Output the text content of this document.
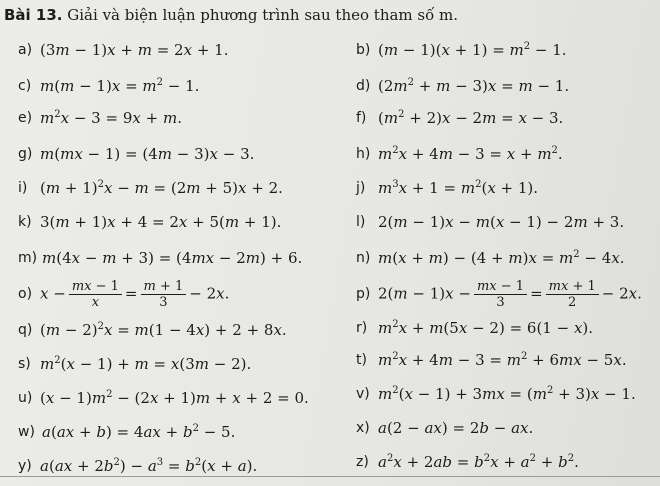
Bài 13. Giải và biện luận phương trình sau theo tham số m.
a) (3m − 1)x + m = 2x + 1.	b) $(m - 1)(x + 1) = m^2 - 1$.
c) $m(m - 1)x = m^2 - 1$.	d) $(2m^2 + m - 3)x = m - 1$.
e) $m^2x - 3 = 9x + m$.	f) $(m^2 + 2)x - 2m = x - 3$.
g) m(mx − 1) = (4m − 3)x − 3.	h) $m^2x + 4m - 3 = x + m^2$.
i) $(m + 1)^2x - m = (2m + 5)x + 2$.	j) $m^3x + 1 = m^2(x + 1)$.
k) 3(m + 1)x + 4 = 2x + 5(m + 1).	l) 2(m − 1)x − m(x − 1) − 2m + 3.
m) m(4x − m + 3) = (4mx − 2m) + 6.	n) $m(x + m) - (4 + m)x = m^2 - 4x$.
o) $x - \frac{mx - 1}{x} = \frac{m + 1}{3} - 2x$.	p) $2(m - 1)x - \frac{mx - 1}{3} = \frac{mx + 1}{2} - 2x$.
q) $(m - 2)^2x = m(1 - 4x) + 2 + 8x$.	r) $m^2x + m(5x - 2) = 6(1 - x)$.
s) $m^2(x - 1) + m = x(3m - 2)$.	t) $m^2x + 4m - 3 = m^2 + 6mx - 5x$.
u) $(x - 1)m^2 - (2x + 1)m + x + 2 = 0$.	v) $m^2(x - 1) + 3mx = (m^2 + 3)x - 1$.
w) $a(ax + b) = 4ax + b^2 - 5$.	x) a(2 − ax) = 2b − ax.
y) $a(ax + 2b^2) - a^3 = b^2(x + a)$.	z) $a^2x + 2ab = b^2x + a^2 + b^2$.
